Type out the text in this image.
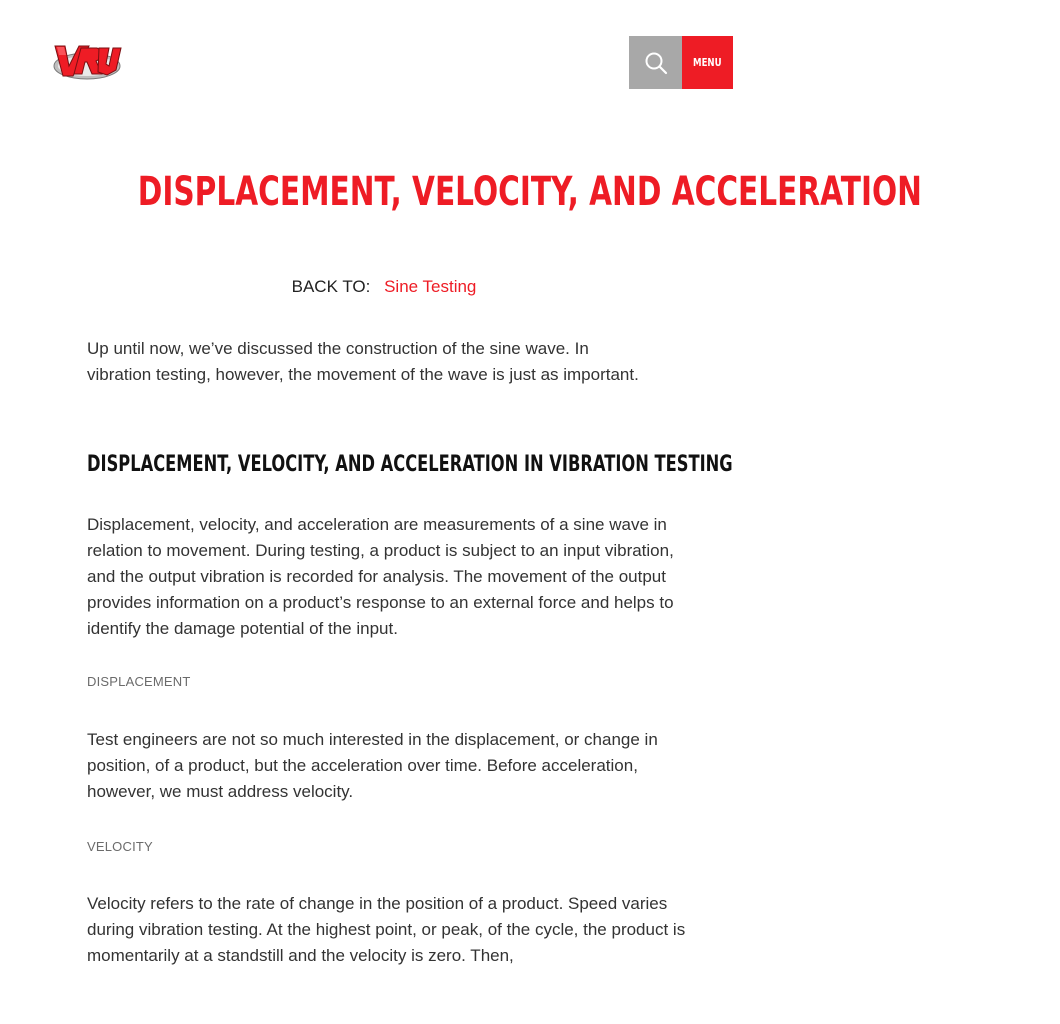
MENU
DISPLACEMENT, VELOCITY, AND ACCELERATION
BACK TO: Sine Testing

Up until now, we’ve discussed the construction of the sine wave. In vibration testing, however, the movement of the wave is just as important.

DISPLACEMENT, VELOCITY, AND ACCELERATION IN VIBRATION TESTING

Displacement, velocity, and acceleration are measurements of a sine wave in relation to movement. During testing, a product is subject to an input vibration, and the output vibration is recorded for analysis. The movement of the output provides information on a product’s response to an external force and helps to identify the damage potential of the input.

DISPLACEMENT

Test engineers are not so much interested in the displacement, or change in position, of a product, but the acceleration over time. Before acceleration, however, we must address velocity.

VELOCITY

Velocity refers to the rate of change in the position of a product. Speed varies during vibration testing. At the highest point, or peak, of the cycle, the product is momentarily at a standstill and the velocity is zero. Then,
